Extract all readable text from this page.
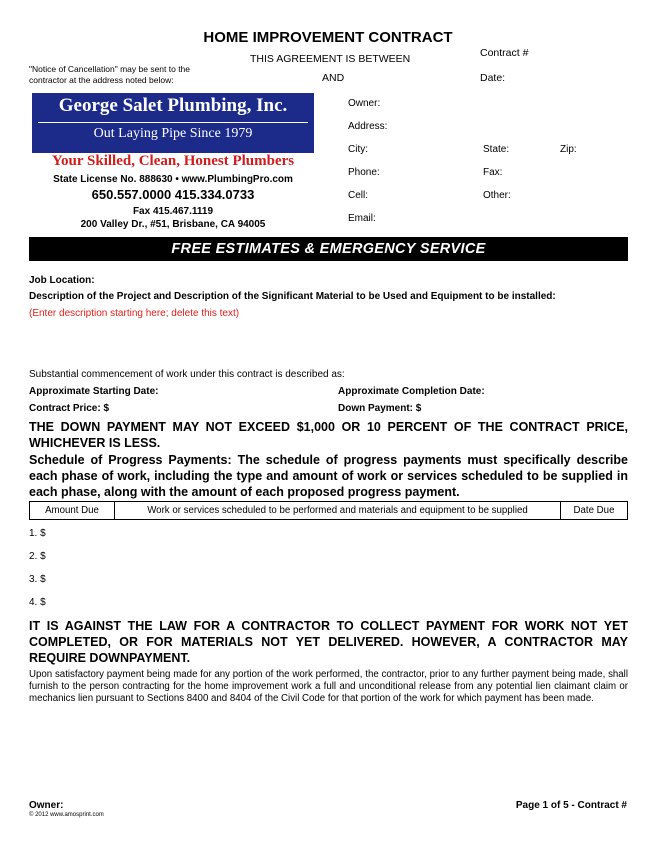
HOME IMPROVEMENT CONTRACT
THIS AGREEMENT IS BETWEEN
AND
Contract #
Date:
"Notice of Cancellation" may be sent to the
contractor at the address noted below:
George Salet Plumbing, Inc.
Out Laying Pipe Since 1979
Your Skilled, Clean, Honest Plumbers
State License No. 888630 • www.PlumbingPro.com
650.557.0000 415.334.0733
Fax 415.467.1119
200 Valley Dr., #51, Brisbane, CA 94005
Owner:
Address:
City:	State:	Zip:
Phone:	Fax:
Cell:	Other:
Email:
FREE ESTIMATES & EMERGENCY SERVICE
Job Location:
Description of the Project and Description of the Significant Material to be Used and Equipment to be installed:
(Enter description starting here; delete this text)
Substantial commencement of work under this contract is described as:
Approximate Starting Date:	Approximate Completion Date:
Contract Price: $	Down Payment: $
THE DOWN PAYMENT MAY NOT EXCEED $1,000 OR 10 PERCENT OF THE CONTRACT PRICE, WHICHEVER IS LESS.
Schedule of Progress Payments: The schedule of progress payments must specifically describe each phase of work, including the type and amount of work or services scheduled to be supplied in each phase, along with the amount of each proposed progress payment.
Amount Due	Work or services scheduled to be performed and materials and equipment to be supplied	Date Due
1. $
2. $
3. $
4. $
IT IS AGAINST THE LAW FOR A CONTRACTOR TO COLLECT PAYMENT FOR WORK NOT YET COMPLETED, OR FOR MATERIALS NOT YET DELIVERED. HOWEVER, A CONTRACTOR MAY REQUIRE DOWNPAYMENT.
Upon satisfactory payment being made for any portion of the work performed, the contractor, prior to any further payment being made, shall furnish to the person contracting for the home improvement work a full and unconditional release from any potential lien claimant claim or mechanics lien pursuant to Sections 8400 and 8404 of the Civil Code for that portion of the work for which payment has been made.
Owner:
© 2012 www.amosprint.com
Page 1 of 5 - Contract #
